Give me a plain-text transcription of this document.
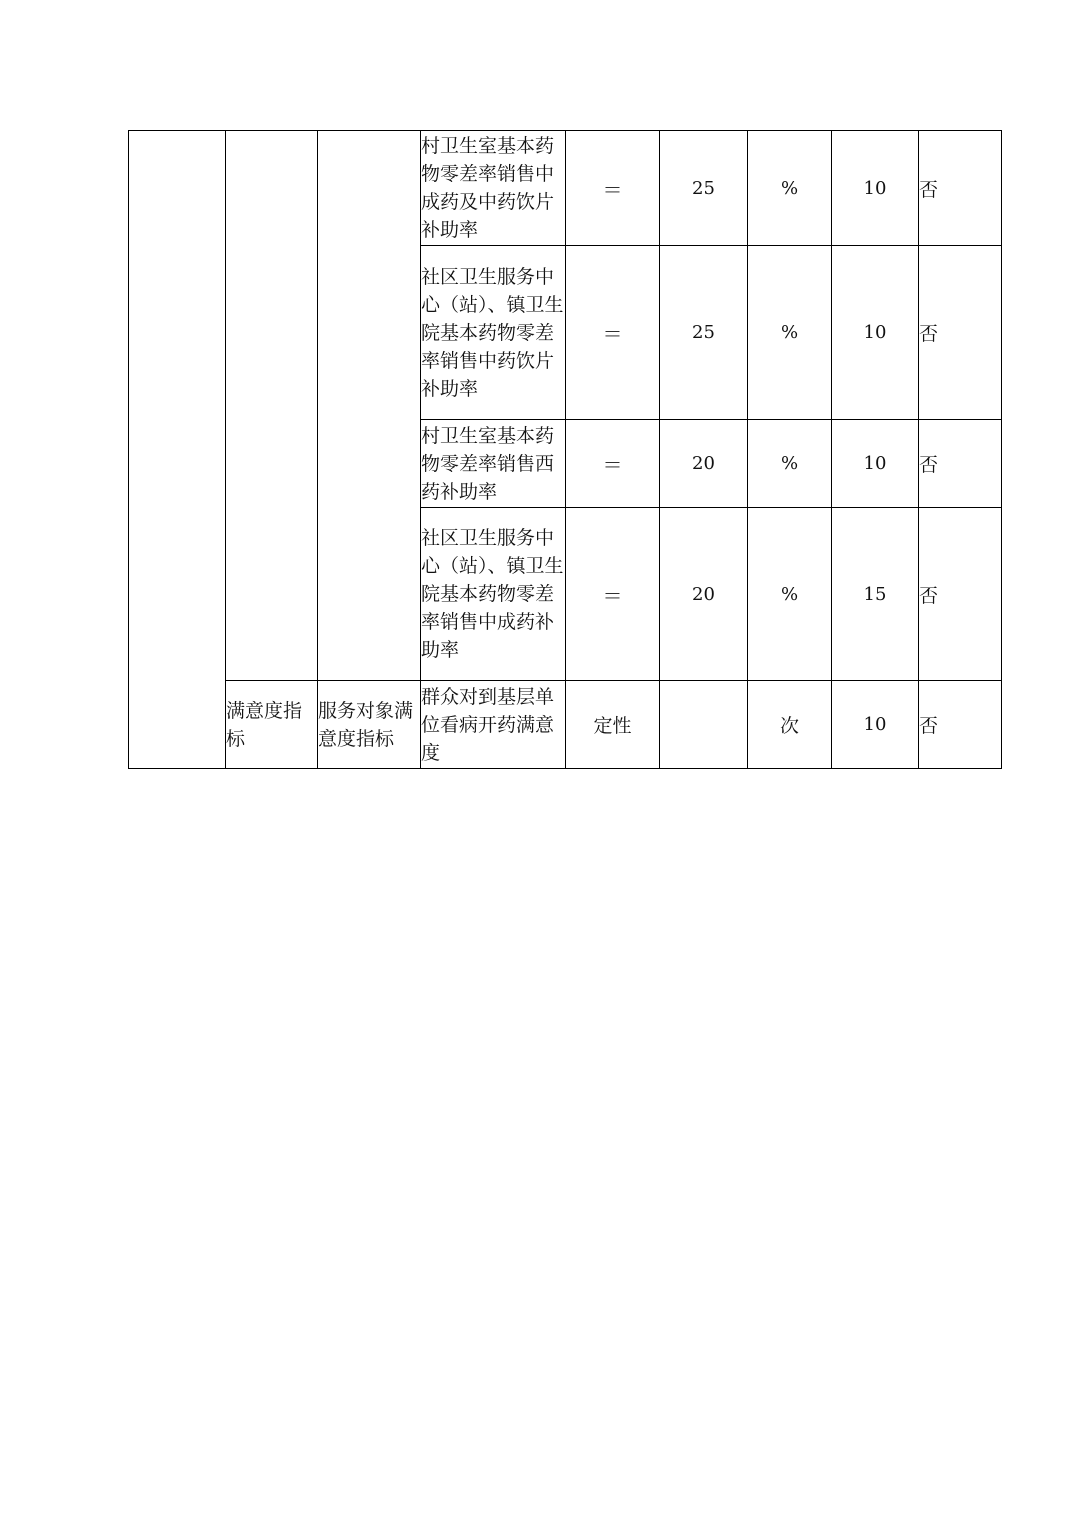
			村卫生室基本药物零差率销售中成药及中药饮片补助率	＝	25	%	10	否
			社区卫生服务中心（站）、镇卫生院基本药物零差率销售中药饮片补助率	＝	25	%	10	否
			村卫生室基本药物零差率销售西药补助率	＝	20	%	10	否
			社区卫生服务中心（站）、镇卫生院基本药物零差率销售中成药补助率	＝	20	%	15	否
	满意度指标	服务对象满意度指标	群众对到基层单位看病开药满意度	定性		次	10	否
